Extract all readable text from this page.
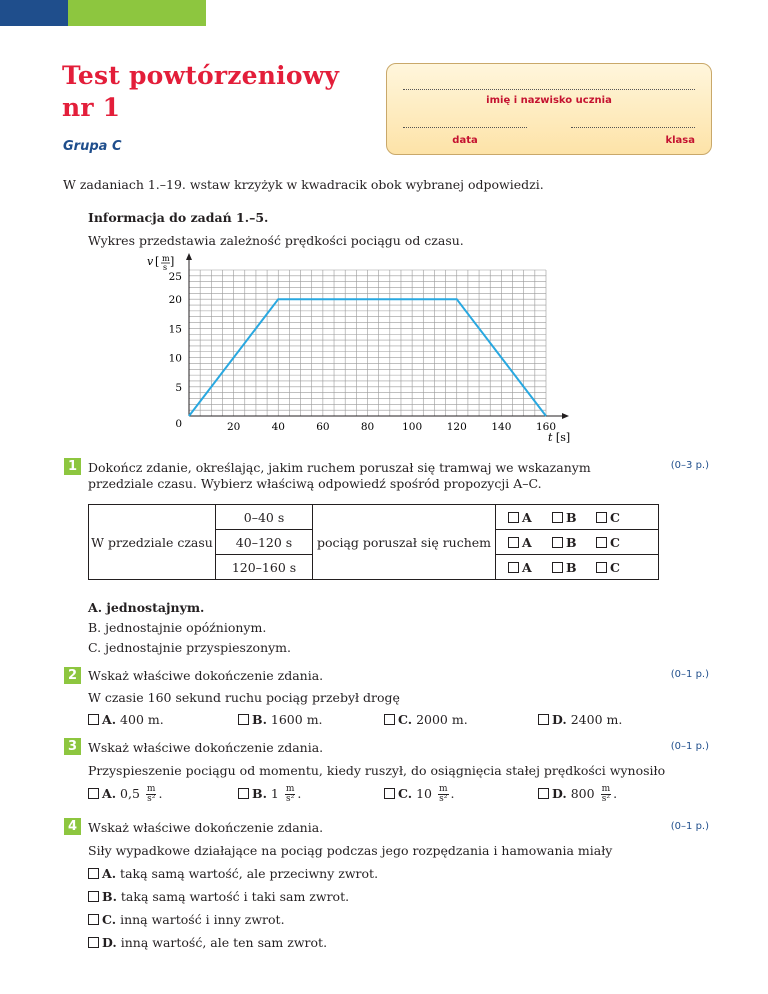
Test powtórzeniowy
nr 1
Grupa C
imię i nazwisko ucznia
data	klasa
W zadaniach 1.–19. wstaw krzyżyk w kwadracik obok wybranej odpowiedzi.
Informacja do zadań 1.–5.
Wykres przedstawia zależność prędkości pociągu od czasu.
20	40	60	80	100 120 140 160
0
5
10
15
20
25
v [ m
s ]
t [s]
1 Dokończ zdanie, określając, jakim ruchem poruszał się tramwaj we wskazanym
przedziale czasu. Wybierz właściwą odpowiedź spośród propozycji A–C.
(0–3 p.)
W przedziale czasu	0–40 s	pociąg poruszał się ruchem	A B C
	40–120 s		A B C
	120–160 s		A B C
A. jednostajnym.
B. jednostajnie opóźnionym.
C. jednostajnie przyspieszonym.
2 Wskaż właściwe dokończenie zdania.	(0–1 p.)
W czasie 160 sekund ruchu pociąg przebył drogę
A. 400 m.	B. 1600 m.	C. 2000 m.	D. 2400 m.
3 Wskaż właściwe dokończenie zdania.	(0–1 p.)
Przyspieszenie pociągu od momentu, kiedy ruszył, do osiągnięcia stałej prędkości wynosiło
A. $0,5 \frac{m}{\text{s²}}$ .	B. $1 \frac{m}{\text{s²}}$ .	C. $10 \frac{m}{\text{s²}}$ .	D. $800 \frac{m}{\text{s²}}$ .
4 Wskaż właściwe dokończenie zdania.	(0–1 p.)
Siły wypadkowe działające na pociąg podczas jego rozpędzania i hamowania miały
A. taką samą wartość, ale przeciwny zwrot.
B. taką samą wartość i taki sam zwrot.
C. inną wartość i inny zwrot.
D. inną wartość, ale ten sam zwrot.
